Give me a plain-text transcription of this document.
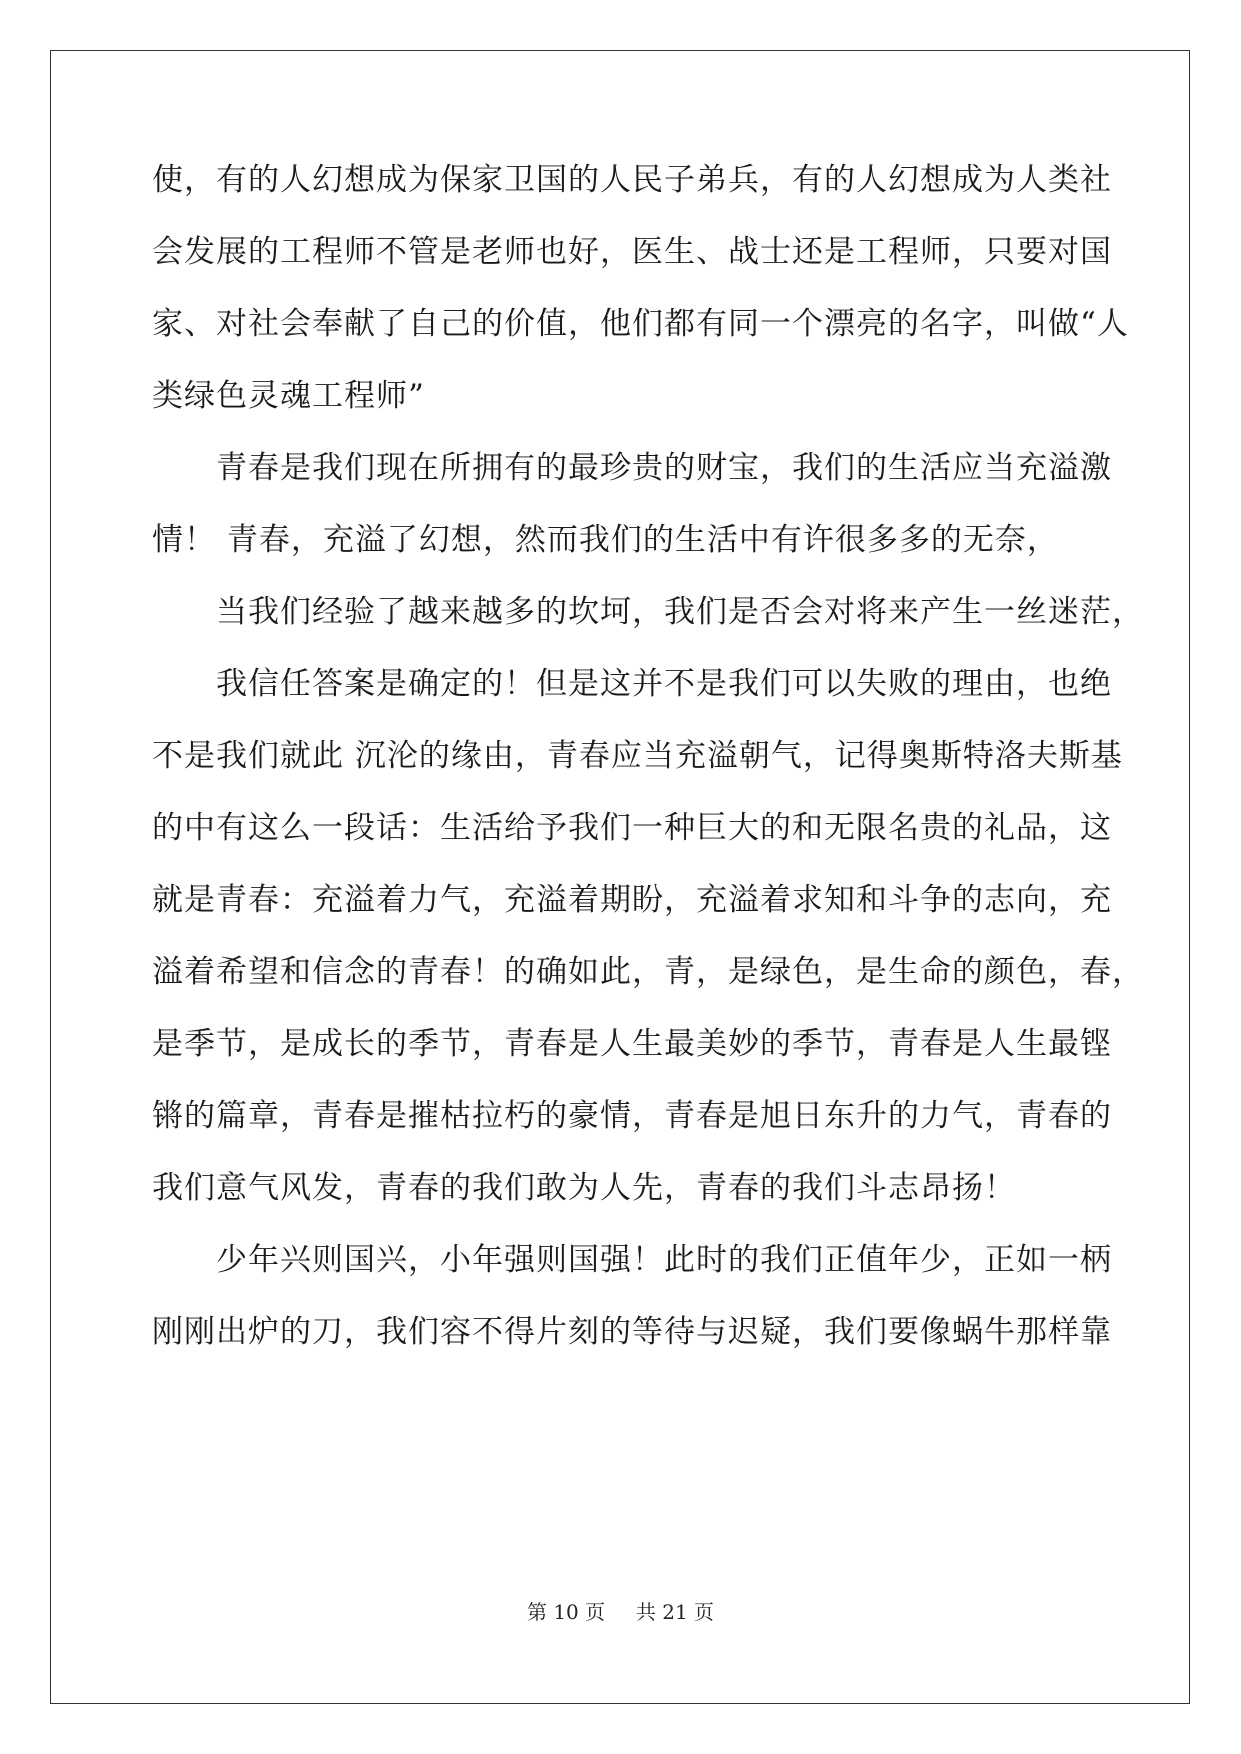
使，有的人幻想成为保家卫国的人民子弟兵，有的人幻想成为人类社
会发展的工程师不管是老师也好，医生、战士还是工程师，只要对国
家、对社会奉献了自己的价值，他们都有同一个漂亮的名字，叫做“人
类绿色灵魂工程师”
青春是我们现在所拥有的最珍贵的财宝，我们的生活应当充溢激
情！ 青春，充溢了幻想，然而我们的生活中有许很多多的无奈，
当我们经验了越来越多的坎坷，我们是否会对将来产生一丝迷茫，
我信任答案是确定的！但是这并不是我们可以失败的理由，也绝
不是我们就此 沉沦的缘由，青春应当充溢朝气，记得奥斯特洛夫斯基
的中有这么一段话：生活给予我们一种巨大的和无限名贵的礼品，这
就是青春：充溢着力气，充溢着期盼，充溢着求知和斗争的志向，充
溢着希望和信念的青春！的确如此，青，是绿色，是生命的颜色，春，
是季节，是成长的季节，青春是人生最美妙的季节，青春是人生最铿
锵的篇章，青春是摧枯拉朽的豪情，青春是旭日东升的力气，青春的
我们意气风发，青春的我们敢为人先，青春的我们斗志昂扬！
少年兴则国兴，小年强则国强！此时的我们正值年少，正如一柄
刚刚出炉的刀，我们容不得片刻的等待与迟疑，我们要像蜗牛那样靠
第 10 页 共 21 页
